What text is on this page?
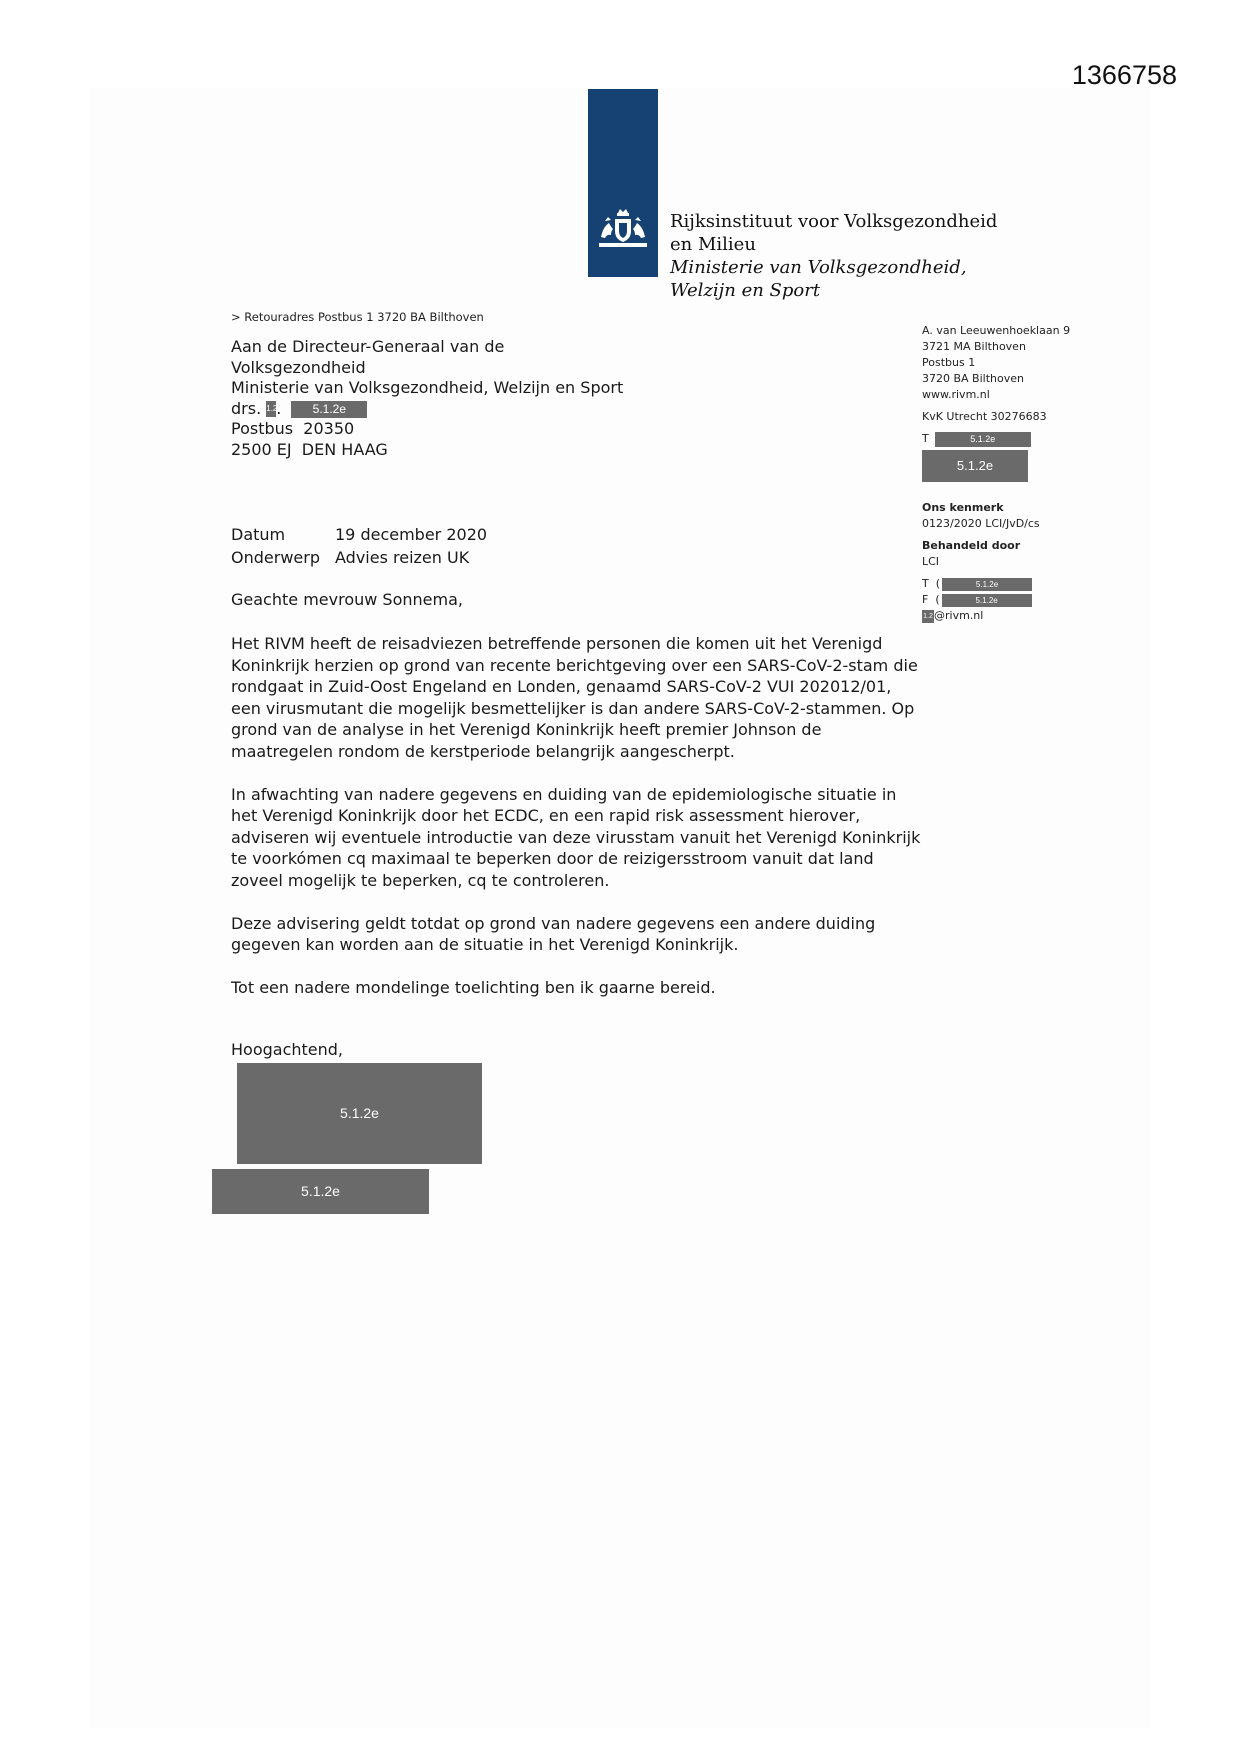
1366758
Rijksinstituut voor Volksgezondheid
en Milieu
Ministerie van Volksgezondheid,
Welzijn en Sport
> Retouradres Postbus 1 3720 BA Bilthoven
Aan de Directeur-Generaal van de
Volksgezondheid
Ministerie van Volksgezondheid, Welzijn en Sport
drs. 1.2.	5.1.2e
Postbus  20350
2500 EJ  DEN HAAG
A. van Leeuwenhoeklaan 9
3721 MA Bilthoven
Postbus 1
3720 BA Bilthoven
www.rivm.nl
KvK Utrecht 30276683
T	5.1.2e
5.1.2e
Ons kenmerk
0123/2020 LCI/JvD/cs
Behandeld door
LCI
T (	5.1.2e
F (	5.1.2e
1.2@rivm.nl
Datum	19 december 2020
Onderwerp Advies reizen UK
Geachte mevrouw Sonnema,

Het RIVM heeft de reisadviezen betreffende personen die komen uit het Verenigd Koninkrijk herzien op grond van recente berichtgeving over een SARS-CoV-2-stam die rondgaat in Zuid-Oost Engeland en Londen, genaamd SARS-CoV-2 VUI 202012/01, een virusmutant die mogelijk besmettelijker is dan andere SARS-CoV-2-stammen. Op grond van de analyse in het Verenigd Koninkrijk heeft premier Johnson de maatregelen rondom de kerstperiode belangrijk aangescherpt.

In afwachting van nadere gegevens en duiding van de epidemiologische situatie in het Verenigd Koninkrijk door het ECDC, en een rapid risk assessment hierover, adviseren wij eventuele introductie van deze virusstam vanuit het Verenigd Koninkrijk te voorkómen cq maximaal te beperken door de reizigersstroom vanuit dat land zoveel mogelijk te beperken, cq te controleren.

Deze advisering geldt totdat op grond van nadere gegevens een andere duiding gegeven kan worden aan de situatie in het Verenigd Koninkrijk.

Tot een nadere mondelinge toelichting ben ik gaarne bereid.

Hoogachtend,
5.1.2e
5.1.2e
